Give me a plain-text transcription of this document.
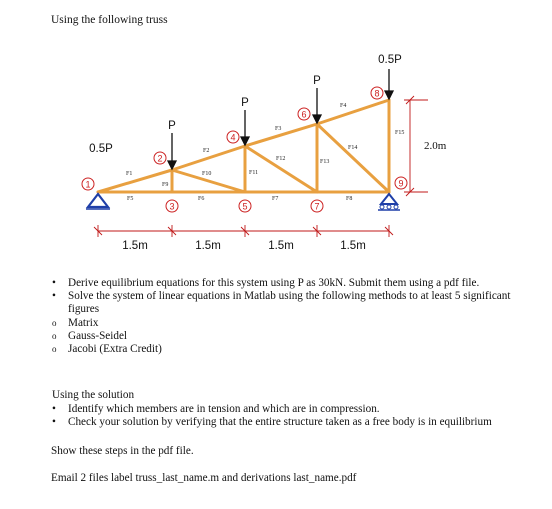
Using the following truss

F1
F2
F3
F4
F5	F6	F7	F8
F9
F10	F11
F12	F13
F14
F15
1
2
3
4
5
6
7
8
9
0.5P
P
P
P
0.5P
1.5m	1.5m	1.5m	1.5m
2.0m
• Derive equilibrium equations for this system using P as 30kN. Submit them using a pdf file.
• Solve the system of linear equations in Matlab using the following methods to at least 5 significant figures
o Matrix
o Gauss-Seidel
o Jacobi (Extra Credit)

Using the solution

• Identify which members are in tension and which are in compression.
• Check your solution by verifying that the entire structure taken as a free body is in equilibrium

Show these steps in the pdf file.

Email 2 files label truss_last_name.m and derivations last_name.pdf
